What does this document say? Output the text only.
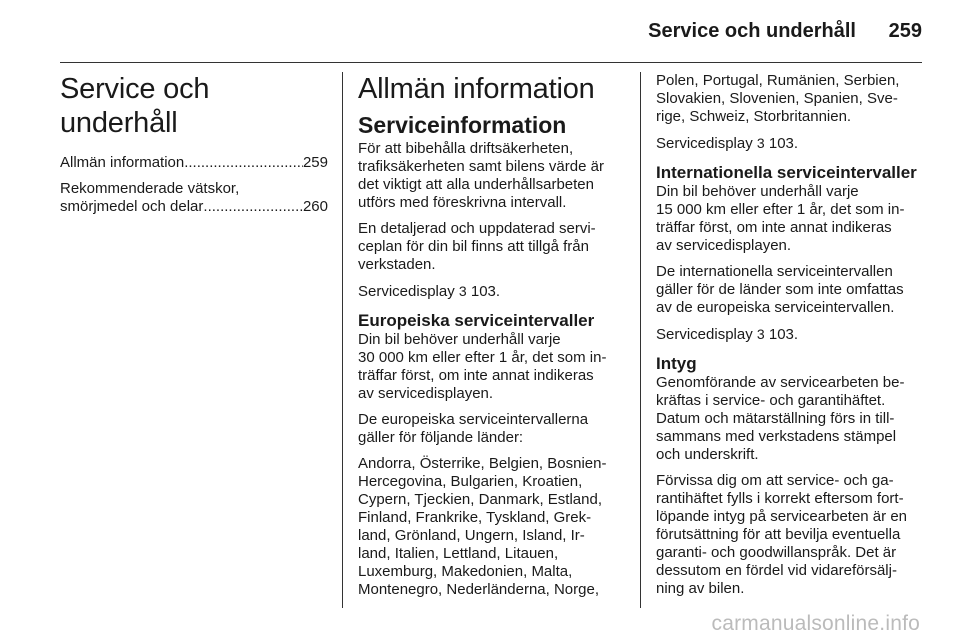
Service och underhåll 259
Service och underhåll
Allmän information .....	259
Rekommenderade vätskor,
smörjmedel och delar .....	260
Allmän information
Serviceinformation

För att bibehålla driftsäkerheten,
trafiksäkerheten samt bilens värde är
det viktigt att alla underhållsarbeten
utförs med föreskrivna intervall.

En detaljerad och uppdaterad servi-
ceplan för din bil finns att tillgå från
verkstaden.

Servicedisplay 3 103.

Europeiska serviceintervaller

Din bil behöver underhåll varje
30 000 km eller efter 1 år, det som in-
träffar först, om inte annat indikeras
av servicedisplayen.

De europeiska serviceintervallerna
gäller för följande länder:

Andorra, Österrike, Belgien, Bosnien-
Hercegovina, Bulgarien, Kroatien,
Cypern, Tjeckien, Danmark, Estland,
Finland, Frankrike, Tyskland, Grek-
land, Grönland, Ungern, Island, Ir-
land, Italien, Lettland, Litauen,
Luxemburg, Makedonien, Malta,
Montenegro, Nederländerna, Norge,

Polen, Portugal, Rumänien, Serbien,
Slovakien, Slovenien, Spanien, Sve-
rige, Schweiz, Storbritannien.

Servicedisplay 3 103.

Internationella serviceintervaller

Din bil behöver underhåll varje
15 000 km eller efter 1 år, det som in-
träffar först, om inte annat indikeras
av servicedisplayen.

De internationella serviceintervallen
gäller för de länder som inte omfattas
av de europeiska serviceintervallen.

Servicedisplay 3 103.

Intyg

Genomförande av servicearbeten be-
kräftas i service- och garantihäftet.
Datum och mätarställning förs in till-
sammans med verkstadens stämpel
och underskrift.

Förvissa dig om att service- och ga-
rantihäftet fylls i korrekt eftersom fort-
löpande intyg på servicearbeten är en
förutsättning för att bevilja eventuella
garanti- och goodwillanspråk. Det är
dessutom en fördel vid vidareförsälj-
ning av bilen.

carmanualsonline.info
